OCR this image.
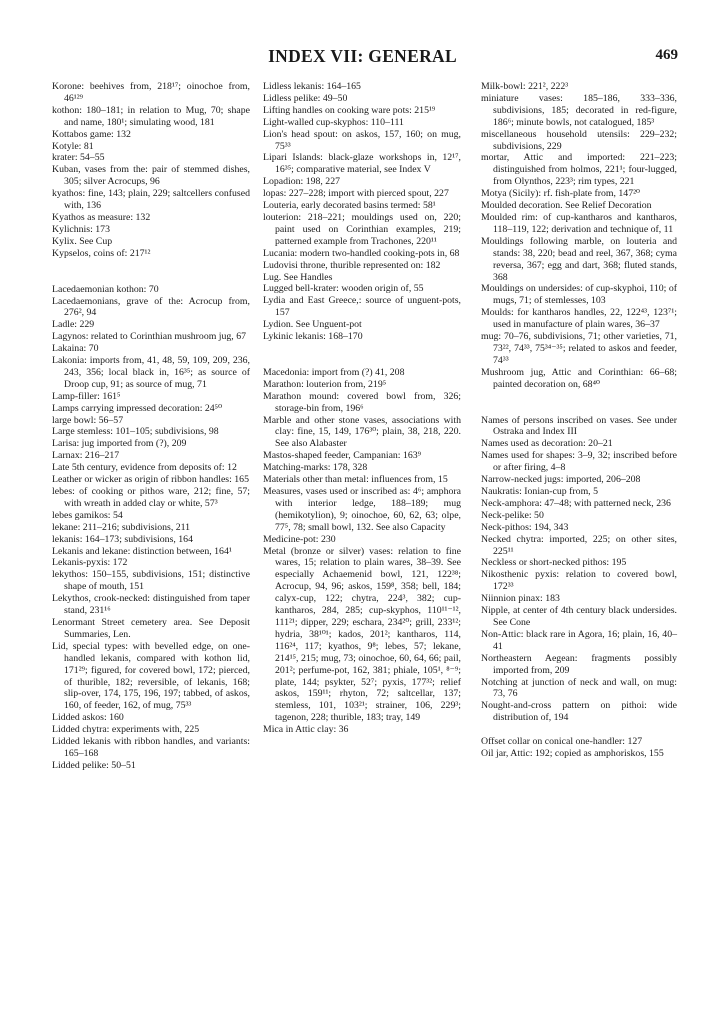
INDEX VII: GENERAL	469

Korone: beehives from, 218¹⁷; oinochoe from, 46¹²⁹

kothon: 180–181; in relation to Mug, 70; shape and name, 180¹; simulating wood, 181

Kottabos game: 132

Kotyle: 81

krater: 54–55

Kuban, vases from the: pair of stemmed dishes, 305; silver Acrocups, 96

kyathos: fine, 143; plain, 229; saltcellers confused with, 136

Kyathos as measure: 132

Kylichnis: 173

Kylix. See Cup

Kypselos, coins of: 217¹²

Lacedaemonian kothon: 70

Lacedaemonians, grave of the: Acrocup from, 276², 94

Ladle: 229

Lagynos: related to Corinthian mushroom jug, 67

Lakaina: 70

Lakonia: imports from, 41, 48, 59, 109, 209, 236, 243, 356; local black in, 16³⁵; as source of Droop cup, 91; as source of mug, 71

Lamp-filler: 161⁵

Lamps carrying impressed decoration: 24⁵⁰

large bowl: 56–57

Large stemless: 101–105; subdivisions, 98

Larisa: jug imported from (?), 209

Larnax: 216–217

Late 5th century, evidence from deposits of: 12

Leather or wicker as origin of ribbon handles: 165

lebes: of cooking or pithos ware, 212; fine, 57; with wreath in added clay or white, 57³

lebes gamikos: 54

lekane: 211–216; subdivisions, 211

lekanis: 164–173; subdivisions, 164

Lekanis and lekane: distinction between, 164¹

Lekanis-pyxis: 172

lekythos: 150–155, subdivisions, 151; distinctive shape of mouth, 151

Lekythos, crook-necked: distinguished from taper stand, 231¹⁶

Lenormant Street cemetery area. See Deposit Summaries, Len.

Lid, special types: with bevelled edge, on one-handled lekanis, compared with kothon lid, 171²⁹; figured, for covered bowl, 172; pierced, of thurible, 182; reversible, of lekanis, 168; slip-over, 174, 175, 196, 197; tabbed, of askos, 160, of feeder, 162, of mug, 75³³

Lidded askos: 160

Lidded chytra: experiments with, 225

Lidded lekanis with ribbon handles, and variants: 165–168

Lidded pelike: 50–51

Lidless lekanis: 164–165

Lidless pelike: 49–50

Lifting handles on cooking ware pots: 215¹⁹

Light-walled cup-skyphos: 110–111

Lion's head spout: on askos, 157, 160; on mug, 75³³

Lipari Islands: black-glaze workshops in, 12¹⁷, 16³⁵; comparative material, see Index V

Lopadion: 198, 227

lopas: 227–228; import with pierced spout, 227

Louteria, early decorated basins termed: 58¹

louterion: 218–221; mouldings used on, 220; paint used on Corinthian examples, 219; patterned example from Trachones, 220¹¹

Lucania: modern two-handled cooking-pots in, 68

Ludovisi throne, thurible represented on: 182

Lug. See Handles

Lugged bell-krater: wooden origin of, 55

Lydia and East Greece,: source of unguent-pots, 157

Lydion. See Unguent-pot

Lykinic lekanis: 168–170

Macedonia: import from (?) 41, 208

Marathon: louterion from, 219⁵

Marathon mound: covered bowl from, 326; storage-bin from, 196⁶

Marble and other stone vases, associations with clay: fine, 15, 149, 176³⁰; plain, 38, 218, 220. See also Alabaster

Mastos-shaped feeder, Campanian: 163⁹

Matching-marks: 178, 328

Materials other than metal: influences from, 15

Measures, vases used or inscribed as: 4⁶; amphora with interior ledge, 188–189; mug (hemikotylion), 9; oinochoe, 60, 62, 63; olpe, 77⁵, 78; small bowl, 132. See also Capacity

Medicine-pot: 230

Metal (bronze or silver) vases: relation to fine wares, 15; relation to plain wares, 38–39. See especially Achaemenid bowl, 121, 122³⁸; Acrocup, 94, 96; askos, 159⁸, 358; bell, 184; calyx-cup, 122; chytra, 224³, 382; cup-kantharos, 284, 285; cup-skyphos, 110¹¹⁻¹², 111²¹; dipper, 229; eschara, 234²⁰; grill, 233¹²; hydria, 38¹⁰¹; kados, 201²; kantharos, 114, 116²⁴, 117; kyathos, 9⁸; lebes, 57; lekane, 214¹⁵, 215; mug, 73; oinochoe, 60, 64, 66; pail, 201²; perfume-pot, 162, 381; phiale, 105¹, ⁸⁻⁹; plate, 144; psykter, 52⁷; pyxis, 177³²; relief askos, 159¹¹; rhyton, 72; saltcellar, 137; stemless, 101, 103²¹; strainer, 106, 229³; tagenon, 228; thurible, 183; tray, 149

Mica in Attic clay: 36

Milk-bowl: 221², 222³

miniature vases: 185–186, 333–336, subdivisions, 185; decorated in red-figure, 186⁶; minute bowls, not catalogued, 185³

miscellaneous household utensils: 229–232; subdivisions, 229

mortar, Attic and imported: 221–223; distinguished from holmos, 221¹; four-lugged, from Olynthos, 223³; rim types, 221

Motya (Sicily): rf. fish-plate from, 147²⁰

Moulded decoration. See Relief Decoration

Moulded rim: of cup-kantharos and kantharos, 118–119, 122; derivation and technique of, 11

Mouldings following marble, on louteria and stands: 38, 220; bead and reel, 367, 368; cyma reversa, 367; egg and dart, 368; fluted stands, 368

Mouldings on undersides: of cup-skyphoi, 110; of mugs, 71; of stemlesses, 103

Moulds: for kantharos handles, 22, 122⁴³, 123⁷¹; used in manufacture of plain wares, 36–37

mug: 70–76, subdivisions, 71; other varieties, 71, 73²², 74³³, 75³⁴⁻³⁵; related to askos and feeder, 74³³

Mushroom jug, Attic and Corinthian: 66–68; painted decoration on, 68⁴⁰

Names of persons inscribed on vases. See under Ostraka and Index III

Names used as decoration: 20–21

Names used for shapes: 3–9, 32; inscribed before or after firing, 4–8

Narrow-necked jugs: imported, 206–208

Naukratis: Ionian-cup from, 5

Neck-amphora: 47–48; with patterned neck, 236

Neck-pelike: 50

Neck-pithos: 194, 343

Necked chytra: imported, 225; on other sites, 225¹¹

Neckless or short-necked pithos: 195

Nikosthenic pyxis: relation to covered bowl, 172³³

Niinnion pinax: 183

Nipple, at center of 4th century black undersides. See Cone

Non-Attic: black rare in Agora, 16; plain, 16, 40–41

Northeastern Aegean: fragments possibly imported from, 209

Notching at junction of neck and wall, on mug: 73, 76

Nought-and-cross pattern on pithoi: wide distribution of, 194

Offset collar on conical one-handler: 127

Oil jar, Attic: 192; copied as amphoriskos, 155
